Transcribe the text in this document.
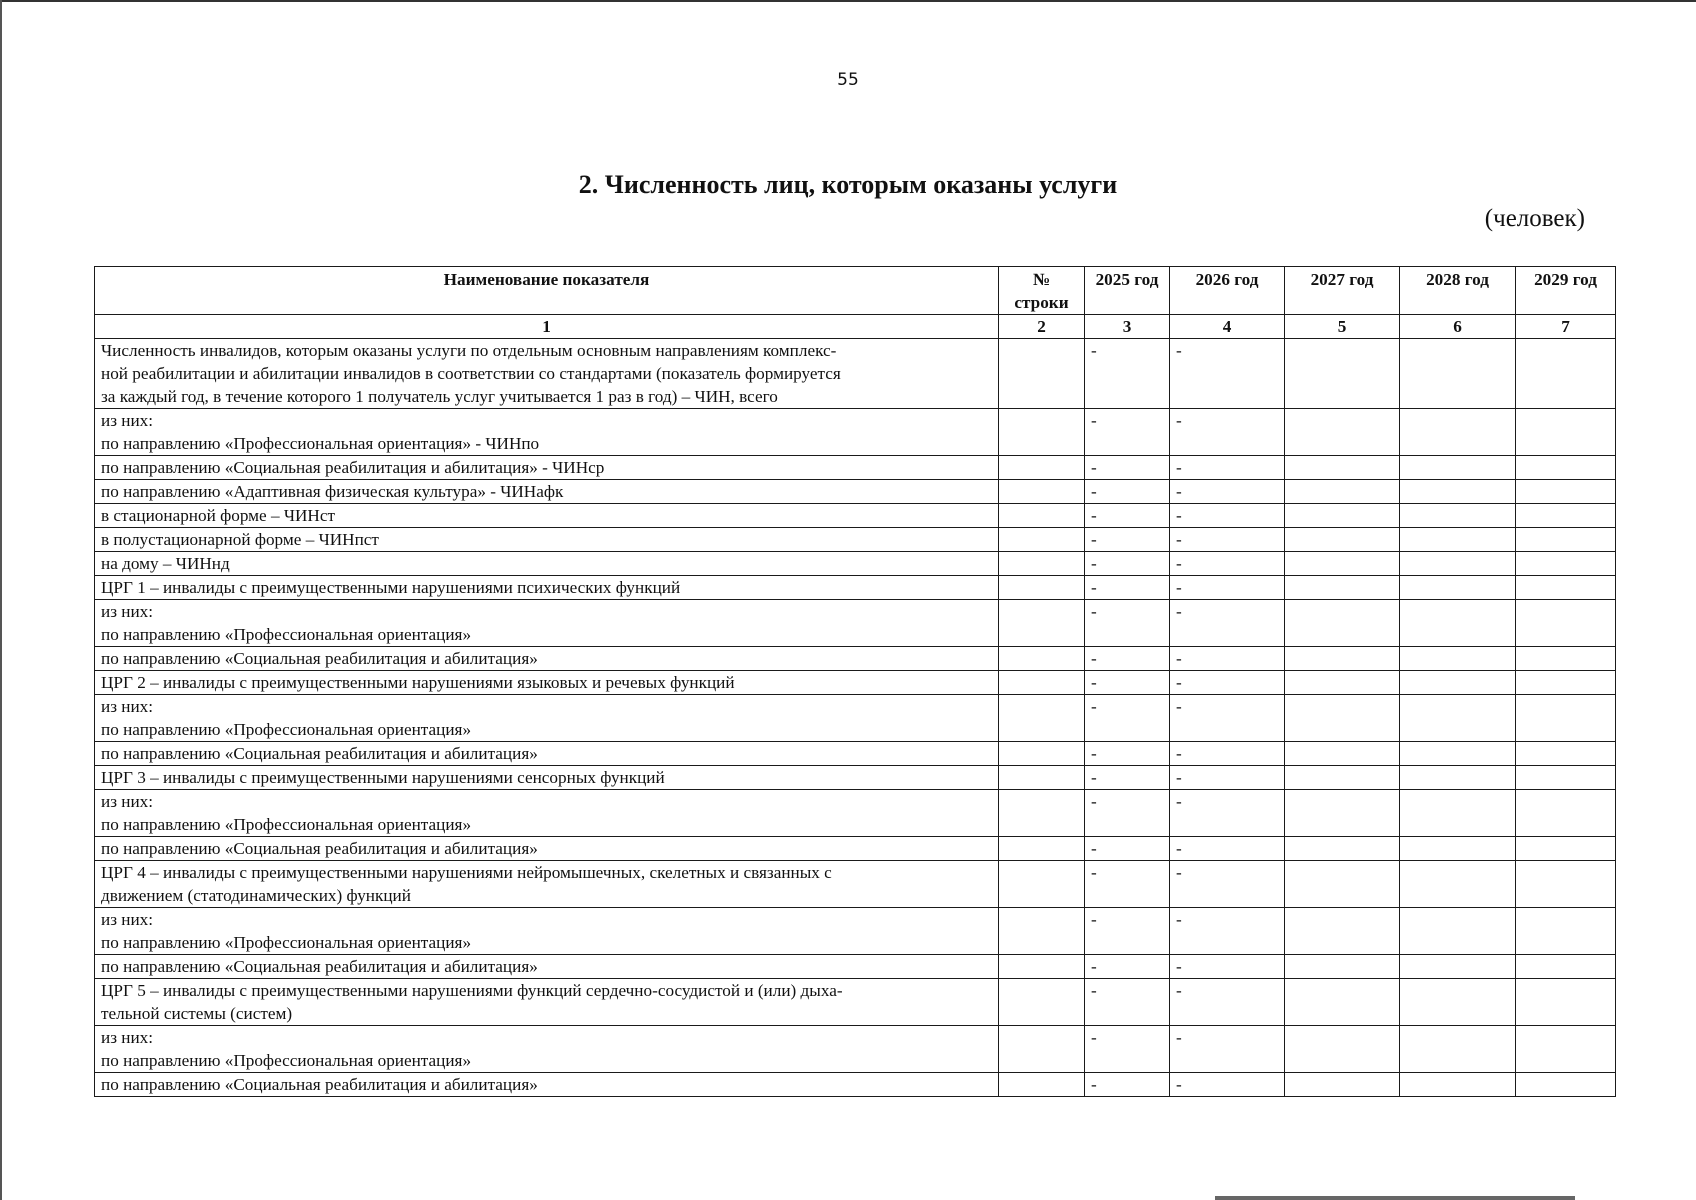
55
2. Численность лиц, которым оказаны услуги
(человек)
Наименование показателя	№ строки	2025 год	2026 год	2027 год	2028 год	2029 год
1	2	3	4	5	6	7

Численность инвалидов, которым оказаны услуги по отдельным основным направлениям комплекс-
ной реабилитации и абилитации инвалидов в соответствии со стандартами (показатель формируется
за каждый год, в течение которого 1 получатель услуг учитывается 1 раз в год) – ЧИН, всего		-	-			

из них:
по направлению «Профессиональная ориентация» - ЧИНпо		-	-			

по направлению «Социальная реабилитация и абилитация» - ЧИНср		-	-			

по направлению «Адаптивная физическая культура» - ЧИНафк		-	-			

в стационарной форме – ЧИНст		-	-			

в полустационарной форме – ЧИНпст		-	-			

на дому – ЧИНнд		-	-			

ЦРГ 1 – инвалиды с преимущественными нарушениями психических функций		-	-			

из них:
по направлению «Профессиональная ориентация»		-	-			

по направлению «Социальная реабилитация и абилитация»		-	-			

ЦРГ 2 – инвалиды с преимущественными нарушениями языковых и речевых функций		-	-			

из них:
по направлению «Профессиональная ориентация»		-	-			

по направлению «Социальная реабилитация и абилитация»		-	-			

ЦРГ 3 – инвалиды с преимущественными нарушениями сенсорных функций		-	-			

из них:
по направлению «Профессиональная ориентация»		-	-			

по направлению «Социальная реабилитация и абилитация»		-	-			

ЦРГ 4 – инвалиды с преимущественными нарушениями нейромышечных, скелетных и связанных с
движением (статодинамических) функций		-	-			

из них:
по направлению «Профессиональная ориентация»		-	-			

по направлению «Социальная реабилитация и абилитация»		-	-			

ЦРГ 5 – инвалиды с преимущественными нарушениями функций сердечно-сосудистой и (или) дыха-
тельной системы (систем)		-	-			

из них:
по направлению «Профессиональная ориентация»		-	-			

по направлению «Социальная реабилитация и абилитация»		-	-			
